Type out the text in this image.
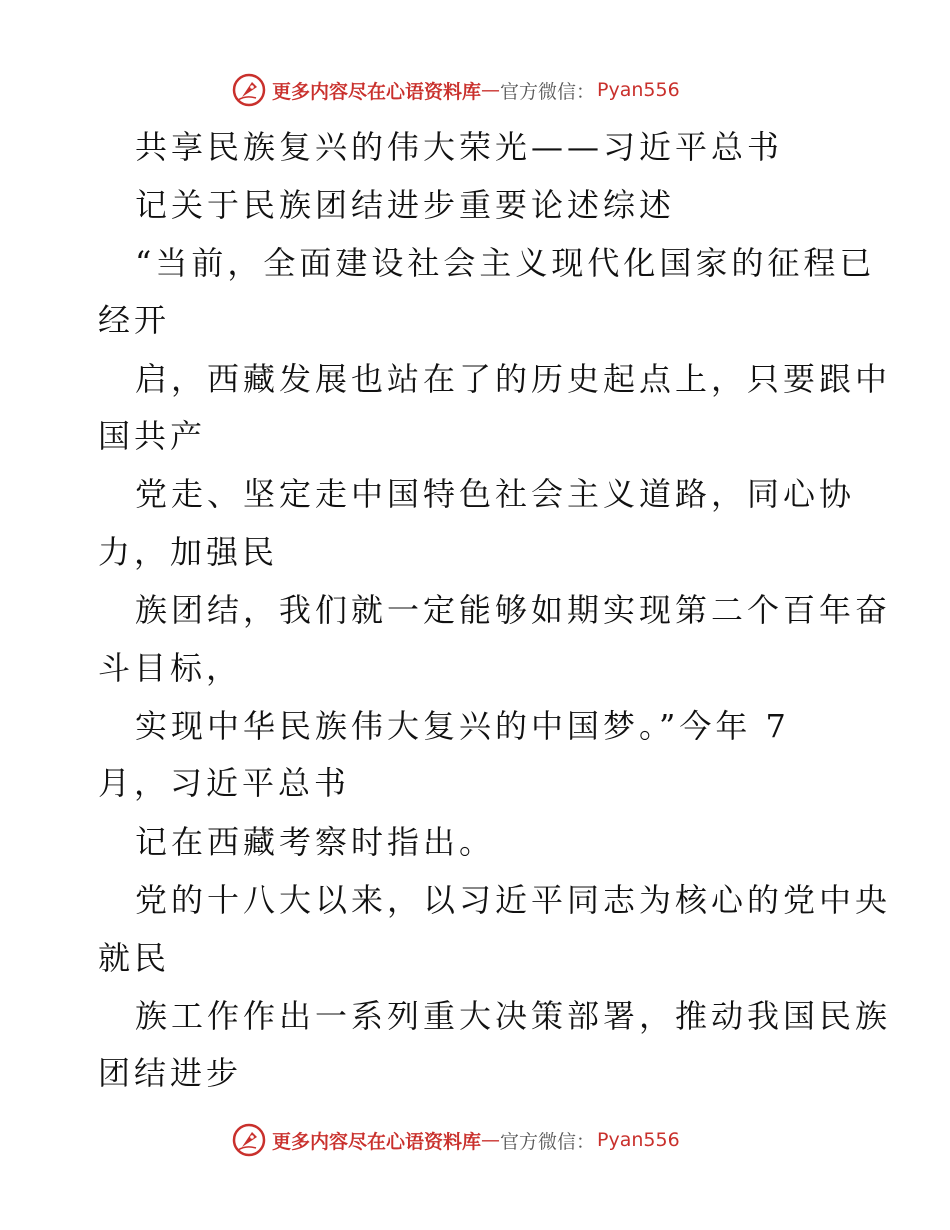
更多内容尽在心语资料库 — 官方微信： Pyan556
共享民族复兴的伟大荣光——习近平总书
记关于民族团结进步重要论述综述
“当前，全面建设社会主义现代化国家的征程已
经开
启，西藏发展也站在了的历史起点上，只要跟中
国共产
党走、坚定走中国特色社会主义道路，同心协
力，加强民
族团结，我们就一定能够如期实现第二个百年奋
斗目标，
实现中华民族伟大复兴的中国梦。”今年 7
月，习近平总书
记在西藏考察时指出。
党的十八大以来，以习近平同志为核心的党中央
就民
族工作作出一系列重大决策部署，推动我国民族
团结进步
更多内容尽在心语资料库 — 官方微信： Pyan556
